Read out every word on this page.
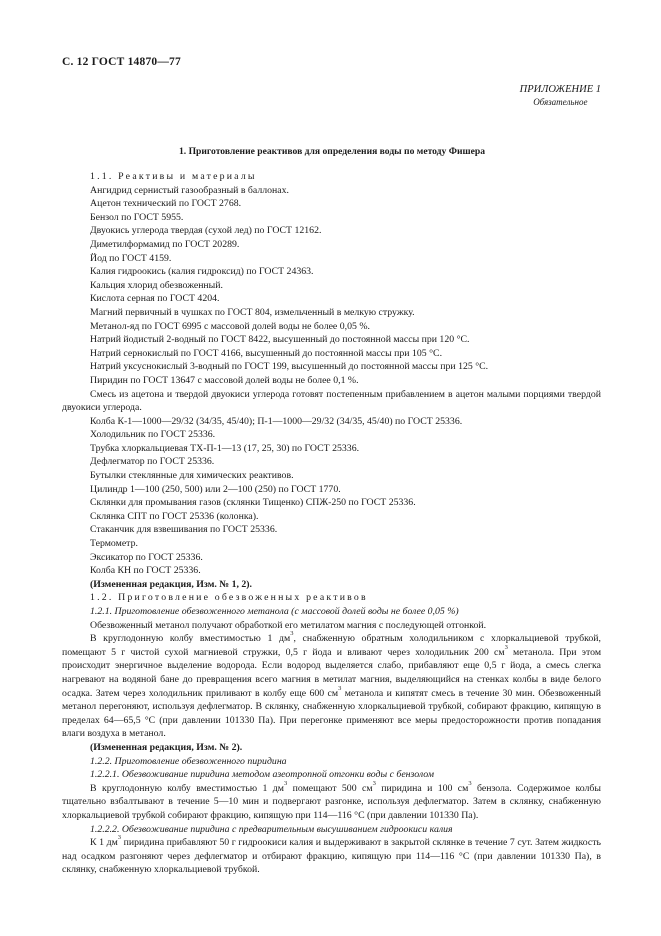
С. 12 ГОСТ 14870—77
ПРИЛОЖЕНИЕ 1
Обязательное
1. Приготовление реактивов для определения воды по методу Фишера

1.1. Реактивы и материалы

Ангидрид сернистый газообразный в баллонах.

Ацетон технический по ГОСТ 2768.

Бензол по ГОСТ 5955.

Двуокись углерода твердая (сухой лед) по ГОСТ 12162.

Диметилформамид по ГОСТ 20289.

Йод по ГОСТ 4159.

Калия гидроокись (калия гидроксид) по ГОСТ 24363.

Кальция хлорид обезвоженный.

Кислота серная по ГОСТ 4204.

Магний первичный в чушках по ГОСТ 804, измельченный в мелкую стружку.

Метанол-яд по ГОСТ 6995 с массовой долей воды не более 0,05 %.

Натрий йодистый 2-водный по ГОСТ 8422, высушенный до постоянной массы при 120 °С.

Натрий сернокислый по ГОСТ 4166, высушенный до постоянной массы при 105 °С.

Натрий уксуснокислый 3-водный по ГОСТ 199, высушенный до постоянной массы при 125 °С.

Пиридин по ГОСТ 13647 с массовой долей воды не более 0,1 %.

Смесь из ацетона и твердой двуокиси углерода готовят постепенным прибавлением в ацетон малыми порциями твердой двуокиси углерода.

Колба К-1—1000—29/32 (34/35, 45/40); П-1—1000—29/32 (34/35, 45/40) по ГОСТ 25336.

Холодильник по ГОСТ 25336.

Трубка хлоркальциевая ТХ-П-1—13 (17, 25, 30) по ГОСТ 25336.

Дефлегматор по ГОСТ 25336.

Бутылки стеклянные для химических реактивов.

Цилиндр 1—100 (250, 500) или 2—100 (250) по ГОСТ 1770.

Склянки для промывания газов (склянки Тищенко) СПЖ-250 по ГОСТ 25336.

Склянка СПТ по ГОСТ 25336 (колонка).

Стаканчик для взвешивания по ГОСТ 25336.

Термометр.

Эксикатор по ГОСТ 25336.

Колба КН по ГОСТ 25336.

(Измененная редакция, Изм. № 1, 2).

1.2. Приготовление обезвоженных реактивов

1.2.1. Приготовление обезвоженного метанола (с массовой долей воды не более 0,05 %)

Обезвоженный метанол получают обработкой его метилатом магния с последующей отгонкой.

В круглодонную колбу вместимостью 1 $дм^3$, снабженную обратным холодильником с хлоркальциевой трубкой, помещают 5 г чистой сухой магниевой стружки, 0,5 г йода и вливают через холодильник 200 $см^3$ метанола. При этом происходит энергичное выделение водорода. Если водород выделяется слабо, прибавляют еще 0,5 г йода, а смесь слегка нагревают на водяной бане до превращения всего магния в метилат магния, выделяющийся на стенках колбы в виде белого осадка. Затем через холодильник приливают в колбу еще 600 $см^3$ метанола и кипятят смесь в течение 30 мин. Обезвоженный метанол перегоняют, используя дефлегматор. В склянку, снабженную хлоркальциевой трубкой, собирают фракцию, кипящую в пределах 64—65,5 °С (при давлении 101330 Па). При перегонке применяют все меры предосторожности против попадания влаги воздуха в метанол.

(Измененная редакция, Изм. № 2).

1.2.2. Приготовление обезвоженного пиридина

1.2.2.1. Обезвоживание пиридина методом азеотропной отгонки воды с бензолом

В круглодонную колбу вместимостью 1 $дм^3$ помещают 500 $см^3$ пиридина и 100 $см^3$ бензола. Содержимое колбы тщательно взбалтывают в течение 5—10 мин и подвергают разгонке, используя дефлегматор. Затем в склянку, снабженную хлоркальциевой трубкой собирают фракцию, кипящую при 114—116 °С (при давлении 101330 Па).

1.2.2.2. Обезвоживание пиридина с предварительным высушиванием гидроокиси калия

К 1 $дм^3$ пиридина прибавляют 50 г гидроокиси калия и выдерживают в закрытой склянке в течение 7 сут. Затем жидкость над осадком разгоняют через дефлегматор и отбирают фракцию, кипящую при 114—116 °С (при давлении 101330 Па), в склянку, снабженную хлоркальциевой трубкой.
